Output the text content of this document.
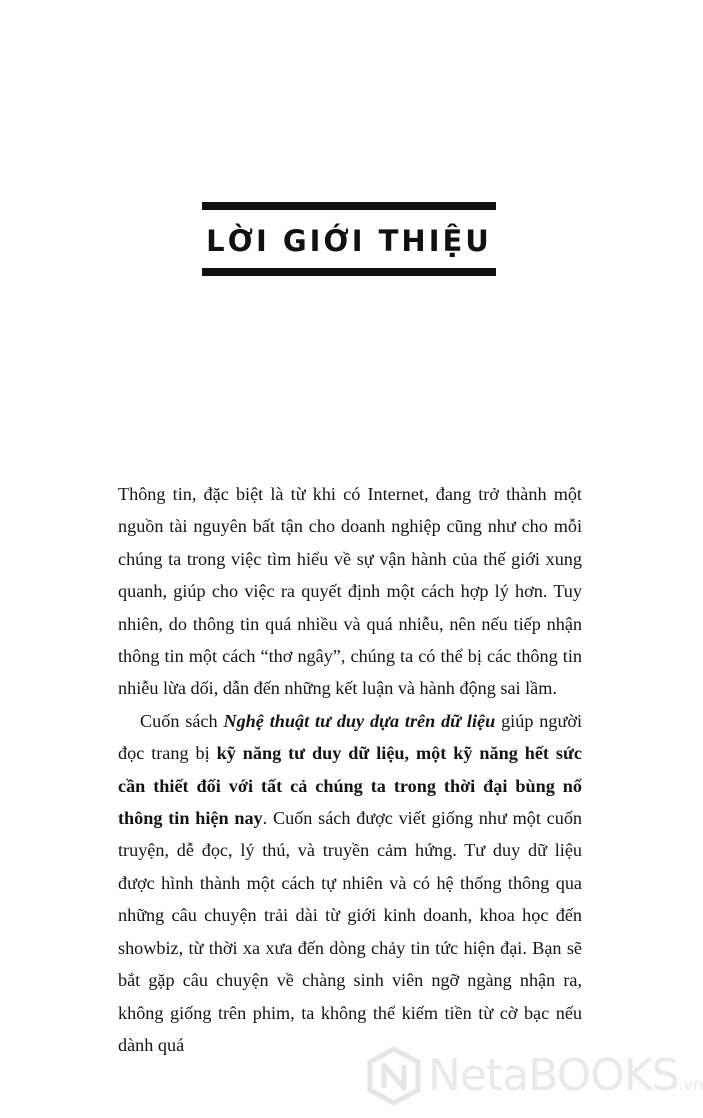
LỜI GIỚI THIỆU

Thông tin, đặc biệt là từ khi có Internet, đang trở thành một nguồn tài nguyên bất tận cho doanh nghiệp cũng như cho mỗi chúng ta trong việc tìm hiểu về sự vận hành của thế giới xung quanh, giúp cho việc ra quyết định một cách hợp lý hơn. Tuy nhiên, do thông tin quá nhiều và quá nhiễu, nên nếu tiếp nhận thông tin một cách “thơ ngây”, chúng ta có thể bị các thông tin nhiễu lừa dối, dẫn đến những kết luận và hành động sai lầm.

Cuốn sách Nghệ thuật tư duy dựa trên dữ liệu giúp người đọc trang bị kỹ năng tư duy dữ liệu, một kỹ năng hết sức cần thiết đối với tất cả chúng ta trong thời đại bùng nổ thông tin hiện nay. Cuốn sách được viết giống như một cuốn truyện, dễ đọc, lý thú, và truyền cảm hứng. Tư duy dữ liệu được hình thành một cách tự nhiên và có hệ thống thông qua những câu chuyện trải dài từ giới kinh doanh, khoa học đến showbiz, từ thời xa xưa đến dòng chảy tin tức hiện đại. Bạn sẽ bắt gặp câu chuyện về chàng sinh viên ngỡ ngàng nhận ra, không giống trên phim, ta không thể kiếm tiền từ cờ bạc nếu dành quá

NetaBOOKS.vn
